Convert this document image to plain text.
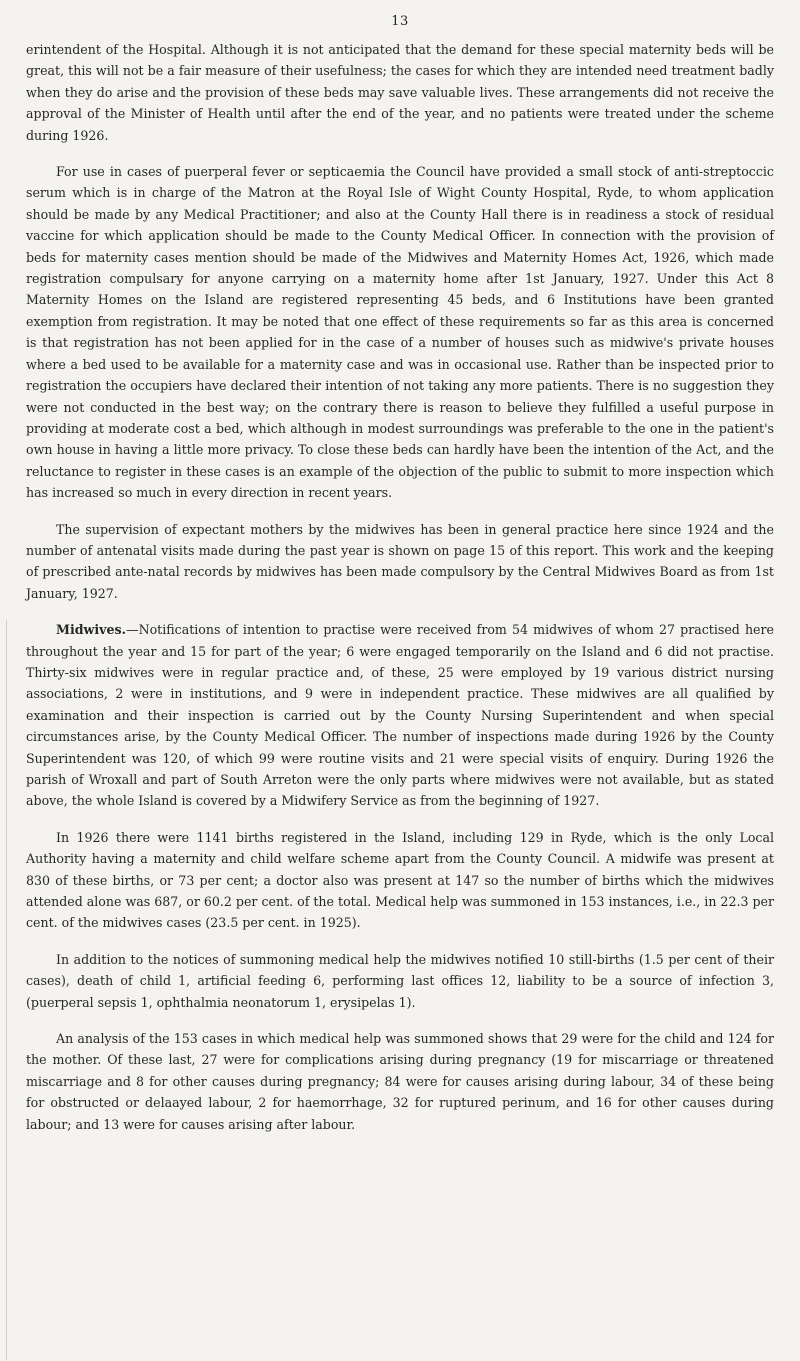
13

erintendent of the Hospital. Although it is not anticipated that the demand for these special maternity beds will be great, this will not be a fair measure of their usefulness; the cases for which they are intended need treatment badly when they do arise and the provision of these beds may save valuable lives. These arrangements did not receive the approval of the Minister of Health until after the end of the year, and no patients were treated under the scheme during 1926.

For use in cases of puerperal fever or septicaemia the Council have provided a small stock of anti-streptoccic serum which is in charge of the Matron at the Royal Isle of Wight County Hospital, Ryde, to whom application should be made by any Medical Practitioner; and also at the County Hall there is in readiness a stock of residual vaccine for which application should be made to the County Medical Officer. In connection with the provision of beds for maternity cases mention should be made of the Midwives and Maternity Homes Act, 1926, which made registration compulsary for anyone carrying on a maternity home after 1st January, 1927. Under this Act 8 Maternity Homes on the Island are registered representing 45 beds, and 6 Institutions have been granted exemption from registration. It may be noted that one effect of these requirements so far as this area is concerned is that registration has not been applied for in the case of a number of houses such as midwive's private houses where a bed used to be available for a maternity case and was in occasional use. Rather than be inspected prior to registration the occupiers have declared their intention of not taking any more patients. There is no suggestion they were not conducted in the best way; on the contrary there is reason to believe they fulfilled a useful purpose in providing at moderate cost a bed, which although in modest surroundings was preferable to the one in the patient's own house in having a little more privacy. To close these beds can hardly have been the intention of the Act, and the reluctance to register in these cases is an example of the objection of the public to submit to more inspection which has increased so much in every direction in recent years.

The supervision of expectant mothers by the midwives has been in general practice here since 1924 and the number of antenatal visits made during the past year is shown on page 15 of this report. This work and the keeping of prescribed ante-natal records by midwives has been made compulsory by the Central Midwives Board as from 1st January, 1927.

Midwives.—Notifications of intention to practise were received from 54 midwives of whom 27 practised here throughout the year and 15 for part of the year; 6 were engaged temporarily on the Island and 6 did not practise. Thirty-six midwives were in regular practice and, of these, 25 were employed by 19 various district nursing associations, 2 were in institutions, and 9 were in independent practice. These midwives are all qualified by examination and their inspection is carried out by the County Nursing Superintendent and when special circumstances arise, by the County Medical Officer. The number of inspections made during 1926 by the County Superintendent was 120, of which 99 were routine visits and 21 were special visits of enquiry. During 1926 the parish of Wroxall and part of South Arreton were the only parts where midwives were not available, but as stated above, the whole Island is covered by a Midwifery Service as from the beginning of 1927.

In 1926 there were 1141 births registered in the Island, including 129 in Ryde, which is the only Local Authority having a maternity and child welfare scheme apart from the County Council. A midwife was present at 830 of these births, or 73 per cent; a doctor also was present at 147 so the number of births which the midwives attended alone was 687, or 60.2 per cent. of the total. Medical help was summoned in 153 instances, i.e., in 22.3 per cent. of the midwives cases (23.5 per cent. in 1925).

In addition to the notices of summoning medical help the midwives notified 10 still-births (1.5 per cent of their cases), death of child 1, artificial feeding 6, performing last offices 12, liability to be a source of infection 3, (puerperal sepsis 1, ophthalmia neonatorum 1, erysipelas 1).

An analysis of the 153 cases in which medical help was summoned shows that 29 were for the child and 124 for the mother. Of these last, 27 were for complications arising during pregnancy (19 for miscarriage or threatened miscarriage and 8 for other causes during pregnancy; 84 were for causes arising during labour, 34 of these being for obstructed or delaayed labour, 2 for haemorrhage, 32 for ruptured perinum, and 16 for other causes during labour; and 13 were for causes arising after labour.
